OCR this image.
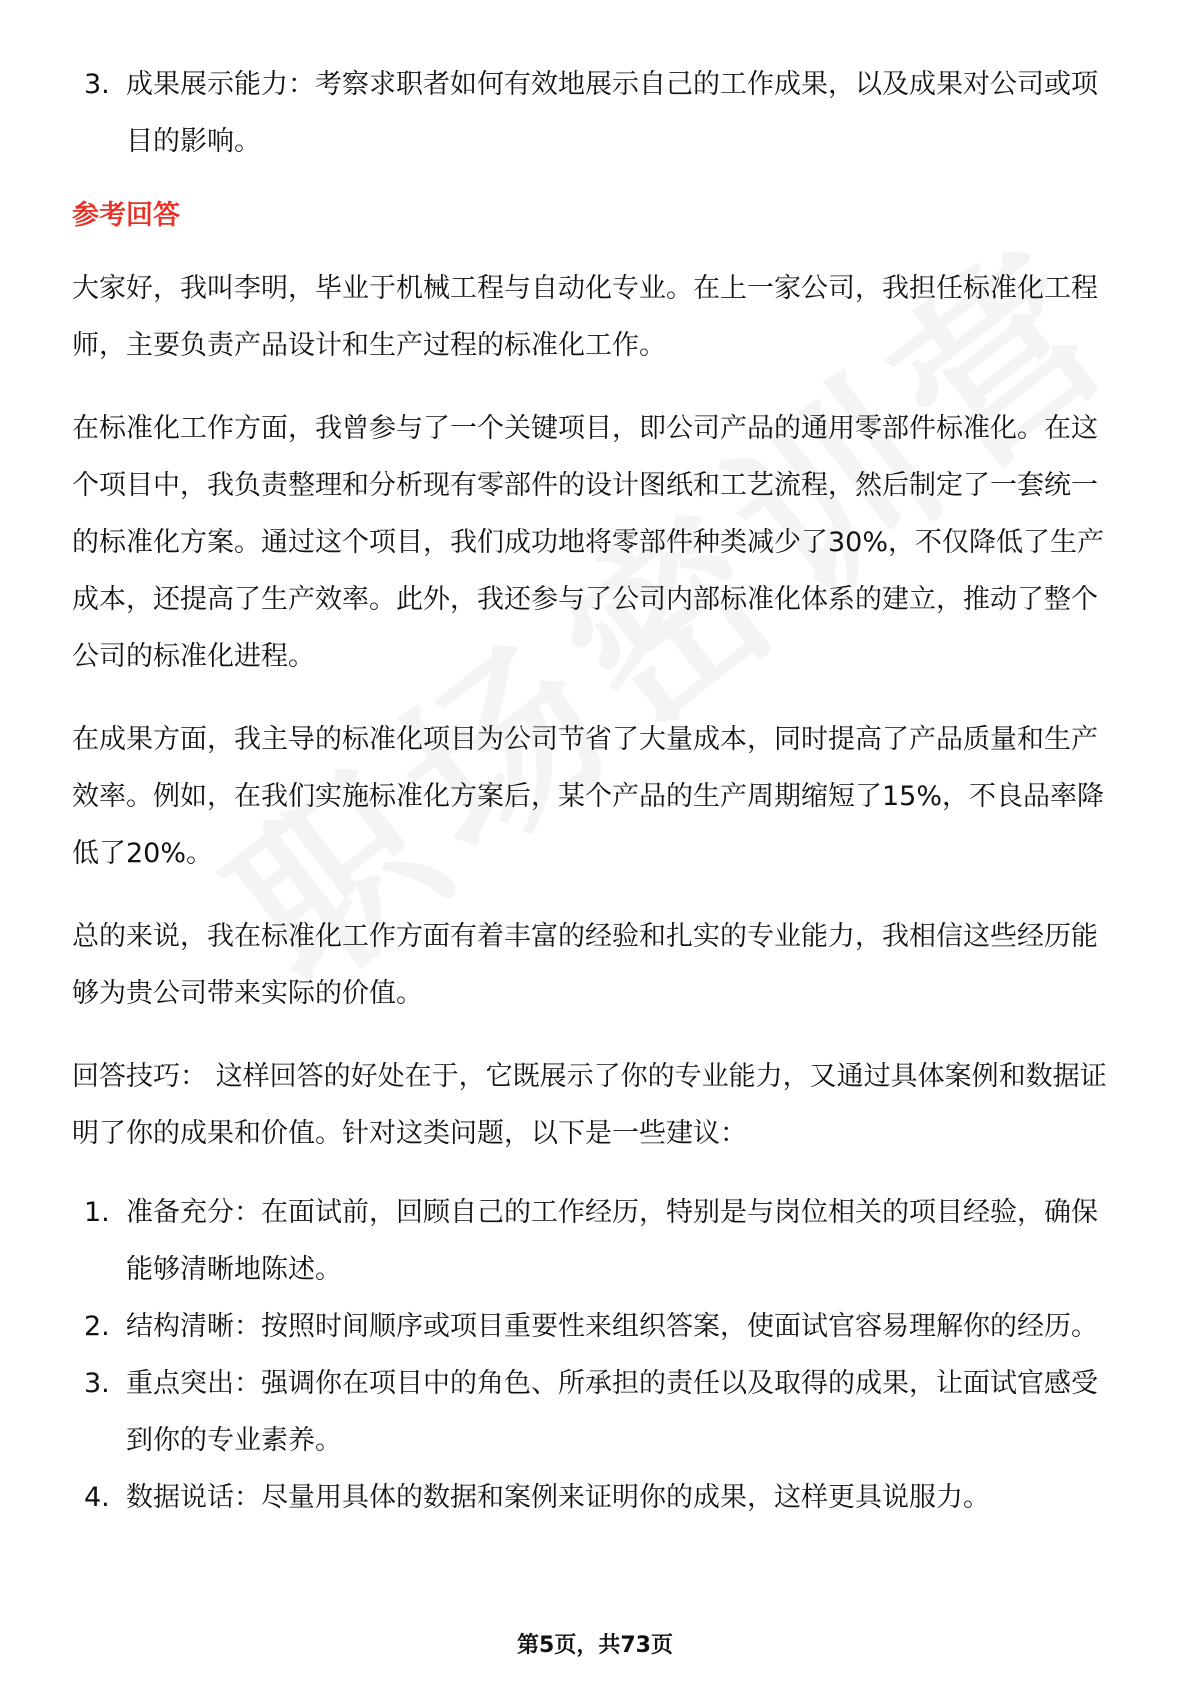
3. 成果展示能力：考察求职者如何有效地展示自己的工作成果，以及成果对公司或项目的影响。
参考回答

大家好，我叫李明，毕业于机械工程与自动化专业。在上一家公司，我担任标准化工程师，主要负责产品设计和生产过程的标准化工作。

在标准化工作方面，我曾参与了一个关键项目，即公司产品的通用零部件标准化。在这个项目中，我负责整理和分析现有零部件的设计图纸和工艺流程，然后制定了一套统一的标准化方案。通过这个项目，我们成功地将零部件种类减少了30%，不仅降低了生产成本，还提高了生产效率。此外，我还参与了公司内部标准化体系的建立，推动了整个公司的标准化进程。

在成果方面，我主导的标准化项目为公司节省了大量成本，同时提高了产品质量和生产效率。例如，在我们实施标准化方案后，某个产品的生产周期缩短了15%，不良品率降低了20%。

总的来说，我在标准化工作方面有着丰富的经验和扎实的专业能力，我相信这些经历能够为贵公司带来实际的价值。

回答技巧： 这样回答的好处在于，它既展示了你的专业能力，又通过具体案例和数据证明了你的成果和价值。针对这类问题，以下是一些建议：

1. 准备充分：在面试前，回顾自己的工作经历，特别是与岗位相关的项目经验，确保能够清晰地陈述。
2. 结构清晰：按照时间顺序或项目重要性来组织答案，使面试官容易理解你的经历。
3. 重点突出：强调你在项目中的角色、所承担的责任以及取得的成果，让面试官感受到你的专业素养。
4. 数据说话：尽量用具体的数据和案例来证明你的成果，这样更具说服力。
第5页，共73页
